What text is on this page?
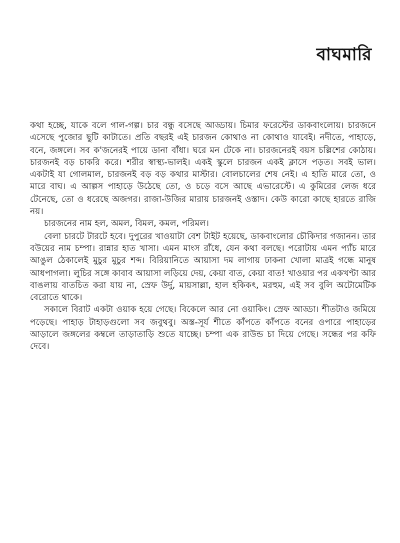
বাঘমারি

কথা হচ্ছে, যাকে বলে গাল-গল্প। চার বন্ধু বসেছে আড্ডায়। চিমার ফরেস্টের ডাকবাংলোয়। চারজনে এসেছে পুজোর ছুটি কাটাতে। প্রতি বছরই এই চারজন কোথাও না কোথাও যাবেই। নদীতে, পাহাড়ে, বনে, জঙ্গলে। সব ক'জনেরই পায়ে ডানা বাঁধা। ঘরে মন টেকে না। চারজনেরই বয়স চল্লিশের কোঠায়। চারজনই বড় চাকরি করে। শরীর স্বাস্থ্য-ভালই। একই স্কুলে চারজন একই ক্লাসে পড়ত। সবই ভাল। একটাই যা গোলমাল, চারজনই বড় বড় কথার মাস্টার। বোলচালের শেষ নেই। এ হাতি মারে তো, ও মারে বাঘ। এ আল্পস পাহাড়ে উঠেছে তো, ও চড়ে বসে আছে এভারেস্টে। এ কুমিরের লেজ ধরে টেনেছে, তো ও ধরেছে অজগর। রাজা-উজির মারায় চারজনই ওস্তাদ। কেউ কারো কাছে হারতে রাজি নয়।

চারজনের নাম হল, অমল, বিমল, কমল, পরিমল।

বেলা চারটে টারটে হবে। দুপুরের খাওয়াটা বেশ টাইট হয়েছে, ডাকবাংলোর চৌকিদার গজানন। তার বউয়ের নাম চম্পা। রান্নার হাত খাসা। এমন মাংস রাঁধে, যেন কথা বলছে। পরোটায় এমন প্যাঁচ মারে আঙুল ঠেকালেই মুচুর মুচুর শব্দ। বিরিয়ানিতে আয়াসা দম লাগায় ঢাকনা খোলা মাত্রই গন্ধে মানুষ আধপাগলা। লুচির সঙ্গে কাবাব আয়াসা লড়িয়ে দেয়, কেয়া বাত, কেয়া বাত! খাওয়ার পর একখণ্টা আর বাঙলায় বাতচিত করা যায় না, স্রেফ উর্দু, মায়সাল্লা, হাল হকিকৎ, মরহুম, এই সব বুলি অটোমেটিক বেরোতে থাকে।

সকালে বিরাট একটা ওয়াক হয়ে গেছে। বিকেলে আর নো ওয়াকিং। স্রেফ আড্ডা। শীতটাও জমিয়ে পড়েছে। পাহাড় টাহাড়গুলো সব জবুথবু। অস্ত-সূর্য শীতে কাঁপতে কাঁপতে বনের ওপারে পাহাড়ের আড়ালে জঙ্গলের কম্বলে তাড়াতাড়ি শুতে যাচ্ছে। চম্পা এক রাউন্ড চা দিয়ে গেছে। সন্ধের পর কফি দেবে।
